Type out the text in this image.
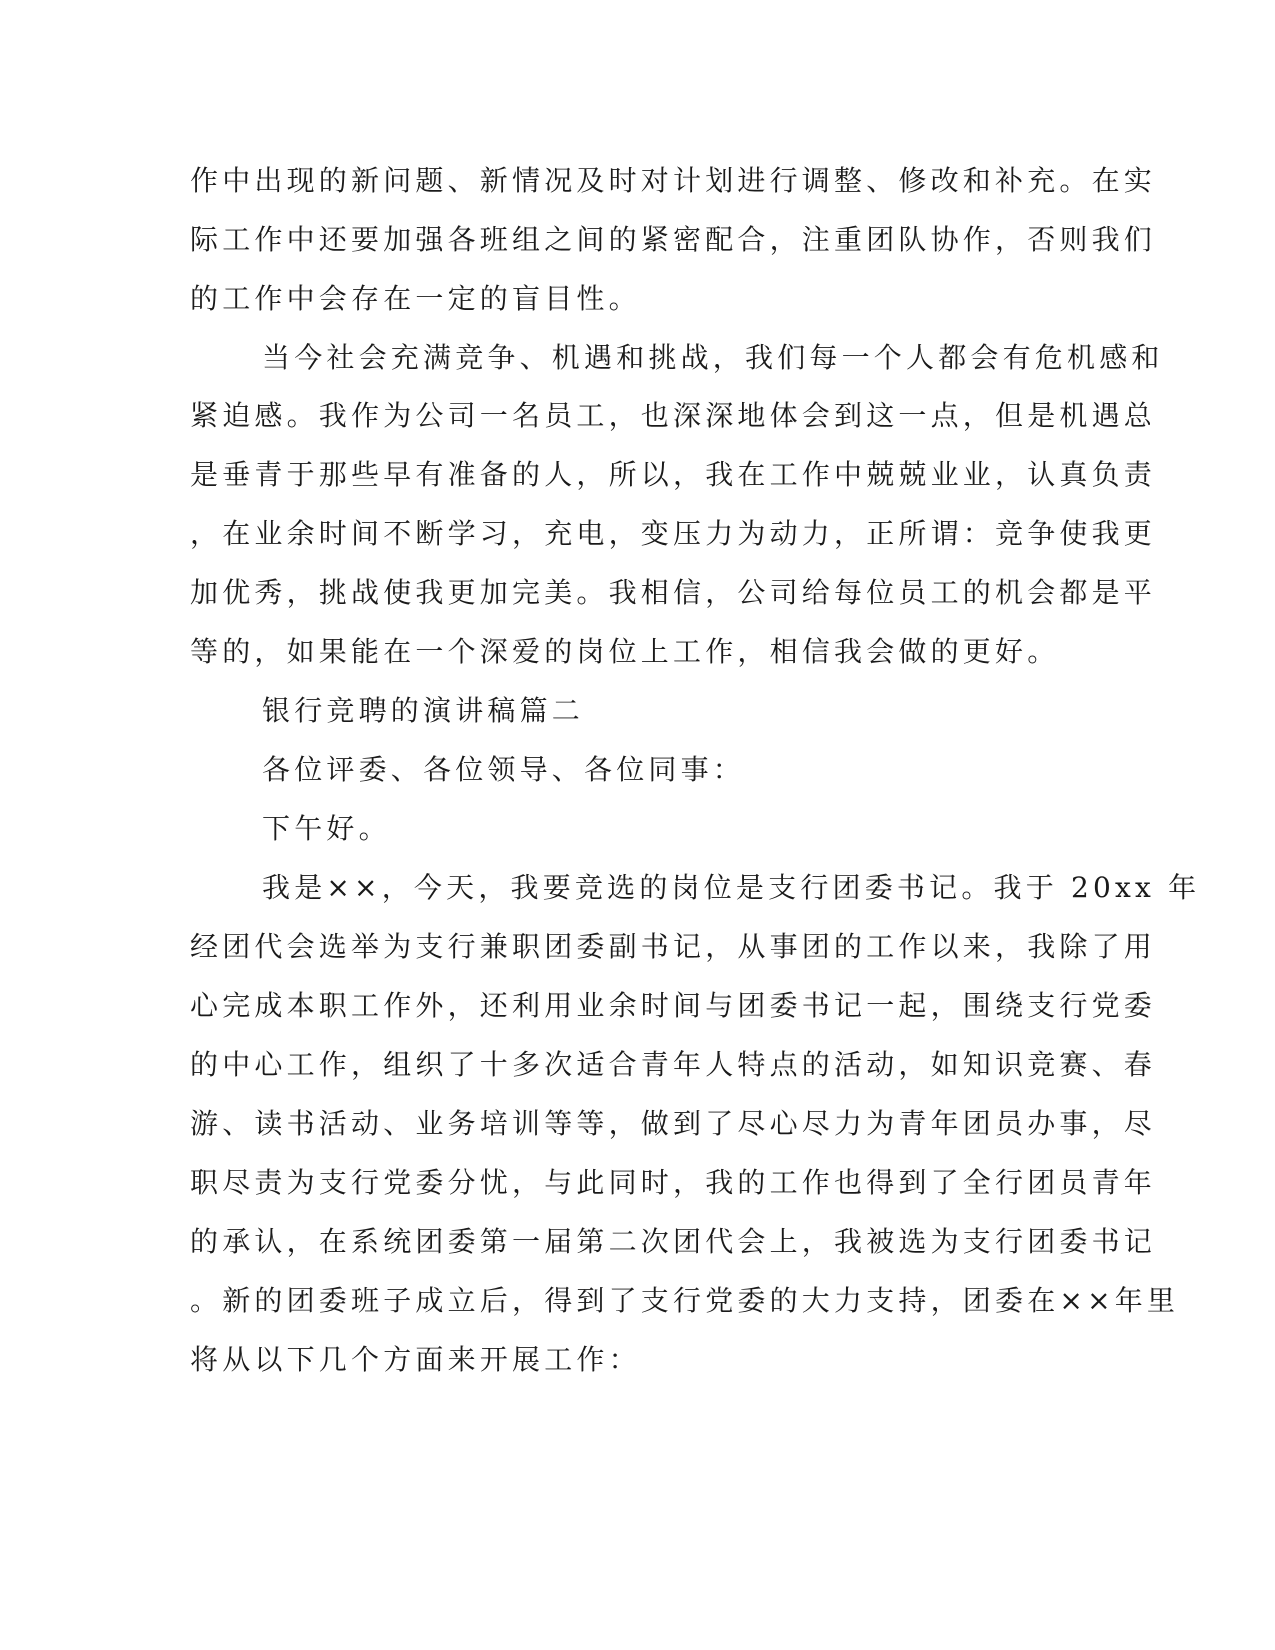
作中出现的新问题、新情况及时对计划进行调整、修改和补充。在实
际工作中还要加强各班组之间的紧密配合，注重团队协作，否则我们
的工作中会存在一定的盲目性。
当今社会充满竞争、机遇和挑战，我们每一个人都会有危机感和
紧迫感。我作为公司一名员工，也深深地体会到这一点，但是机遇总
是垂青于那些早有准备的人，所以，我在工作中兢兢业业，认真负责
，在业余时间不断学习，充电，变压力为动力，正所谓：竞争使我更
加优秀，挑战使我更加完美。我相信，公司给每位员工的机会都是平
等的，如果能在一个深爱的岗位上工作，相信我会做的更好。
银行竞聘的演讲稿篇二
各位评委、各位领导、各位同事：
下午好。
我是××，今天，我要竞选的岗位是支行团委书记。我于 20xx 年
经团代会选举为支行兼职团委副书记，从事团的工作以来，我除了用
心完成本职工作外，还利用业余时间与团委书记一起，围绕支行党委
的中心工作，组织了十多次适合青年人特点的活动，如知识竞赛、春
游、读书活动、业务培训等等，做到了尽心尽力为青年团员办事，尽
职尽责为支行党委分忧，与此同时，我的工作也得到了全行团员青年
的承认，在系统团委第一届第二次团代会上，我被选为支行团委书记
。新的团委班子成立后，得到了支行党委的大力支持，团委在××年里
将从以下几个方面来开展工作：
